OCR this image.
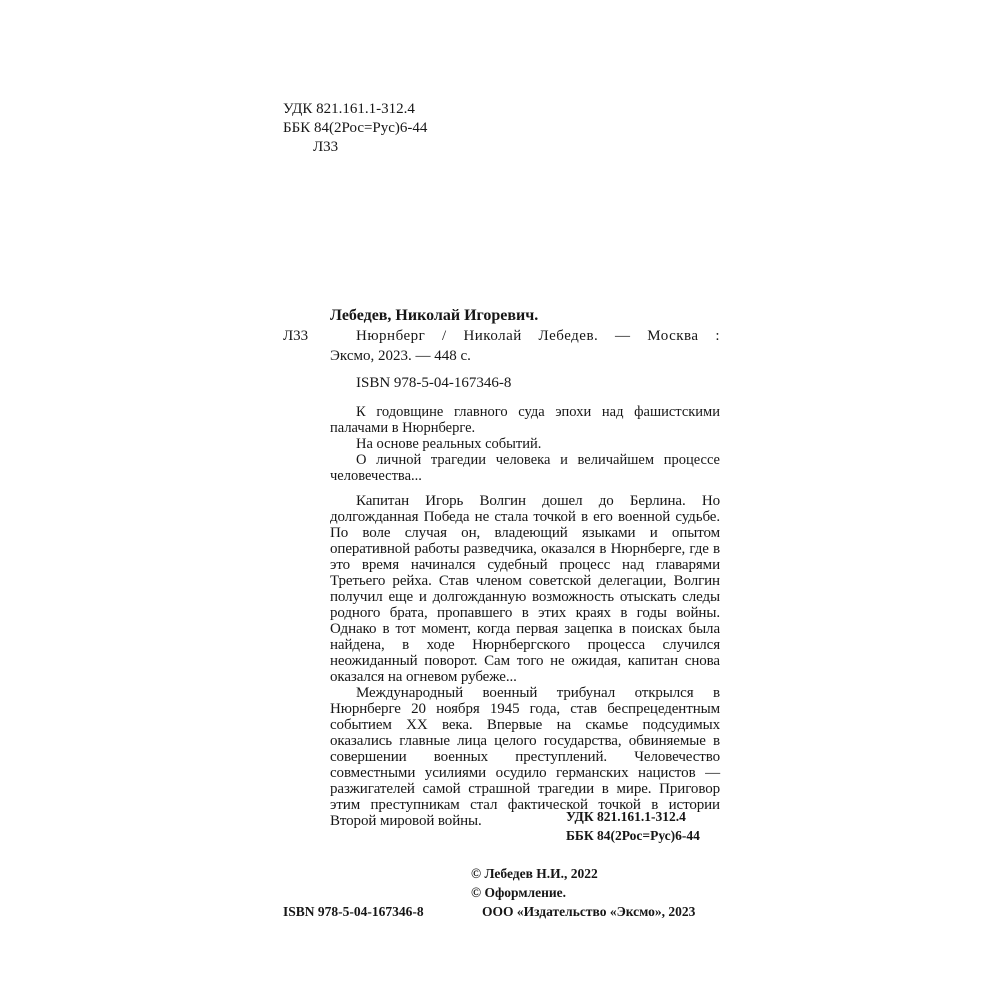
УДК 821.161.1-312.4
ББК 84(2Рос=Рус)6-44
Л33
Лебедев, Николай Игоревич.
Л33	Нюрнберг / Николай Лебедев. — Москва :
Эксмо, 2023. — 448 с.
ISBN 978-5-04-167346-8

К годовщине главного суда эпохи над фашистскими палачами в Нюрнберге.

На основе реальных событий.

О личной трагедии человека и величайшем процессе человечества...

Капитан Игорь Волгин дошел до Берлина. Но долгожданная Победа не стала точкой в его военной судьбе. По воле случая он, владеющий языками и опытом оперативной работы разведчика, оказался в Нюрнберге, где в это время начинался судебный процесс над главарями Третьего рейха. Став членом советской делегации, Волгин получил еще и долгожданную возможность отыскать следы родного брата, пропавшего в этих краях в годы войны. Однако в тот момент, когда первая зацепка в поисках была найдена, в ходе Нюрнбергского процесса случился неожиданный поворот. Сам того не ожидая, капитан снова оказался на огневом рубеже...

Международный военный трибунал открылся в Нюрнберге 20 ноября 1945 года, став беспрецедентным событием XX века. Впервые на скамье подсудимых оказались главные лица целого государства, обвиняемые в совершении военных преступлений. Человечество совместными усилиями осудило германских нацистов — разжигателей самой страшной трагедии в мире. Приговор этим преступникам стал фактической точкой в истории Второй мировой войны.	УДК 821.161.1-312.4
ББК 84(2Рос=Рус)6-44
© Лебедев Н.И., 2022
© Оформление.
ООО «Издательство «Эксмо», 2023
ISBN 978-5-04-167346-8
